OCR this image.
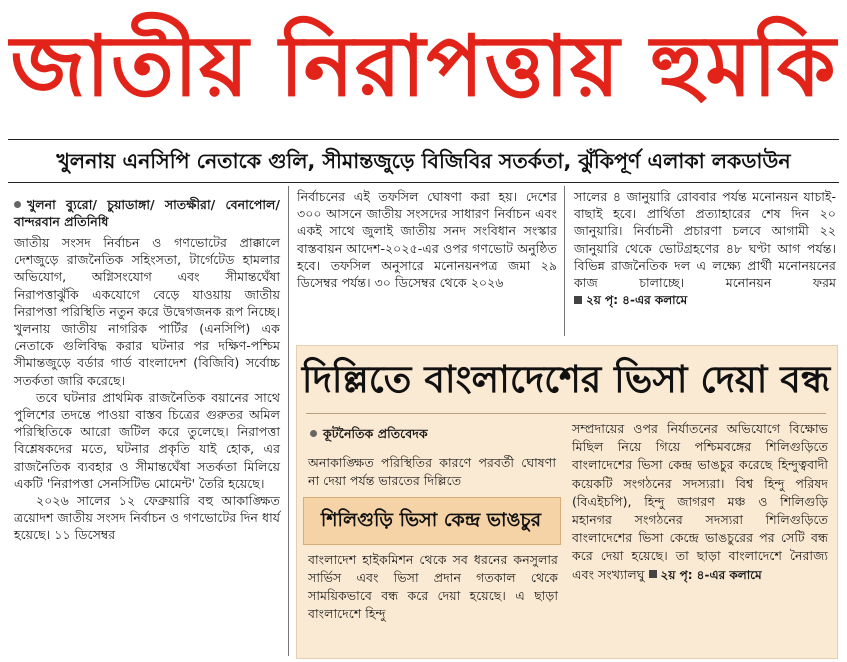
জাতীয় নিরাপত্তায় হুমকি
খুলনায় এনসিপি নেতাকে গুলি, সীমান্তজুড়ে বিজিবির সতর্কতা, ঝুঁকিপূর্ণ এলাকা লকডাউন
খুলনা ব্যুরো/ চুয়াডাঙ্গা/ সাতক্ষীরা/ বেনাপোল/ বান্দরবান প্রতিনিধি

জাতীয় সংসদ নির্বাচন ও গণভোটের প্রাক্কালে দেশজুড়ে রাজনৈতিক সহিংসতা, টার্গেটেড হামলার অভিযোগ, অগ্নিসংযোগ এবং সীমান্তঘেঁষা নিরাপত্তাঝুঁকি একযোগে বেড়ে যাওয়ায় জাতীয় নিরাপত্তা পরিস্থিতি নতুন করে উদ্বেগজনক রূপ নিচ্ছে। খুলনায় জাতীয় নাগরিক পার্টির (এনসিপি) এক নেতাকে গুলিবিদ্ধ করার ঘটনার পর দক্ষিণ-পশ্চিম সীমান্তজুড়ে বর্ডার গার্ড বাংলাদেশ (বিজিবি) সর্বোচ্চ সতর্কতা জারি করেছে।

তবে ঘটনার প্রাথমিক রাজনৈতিক বয়ানের সাথে পুলিশের তদন্তে পাওয়া বাস্তব চিত্রের গুরুতর অমিল পরিস্থিতিকে আরো জটিল করে তুলেছে। নিরাপত্তা বিশ্লেষকদের মতে, ঘটনার প্রকৃতি যাই হোক, এর রাজনৈতিক ব্যবহার ও সীমান্তঘেঁষা সতর্কতা মিলিয়ে একটি 'নিরাপত্তা সেনসিটিভ মোমেন্ট' তৈরি হয়েছে।

২০২৬ সালের ১২ ফেব্রুয়ারি বহু আকাঙ্ক্ষিত ত্রয়োদশ জাতীয় সংসদ নির্বাচন ও গণভোটের দিন ধার্য হয়েছে। ১১ ডিসেম্বর

নির্বাচনের এই তফসিল ঘোষণা করা হয়। দেশের ৩০০ আসনে জাতীয় সংসদের সাধারণ নির্বাচন এবং একই সাথে জুলাই জাতীয় সনদ সংবিধান সংস্কার বাস্তবায়ন আদেশ-২০২৫-এর ওপর গণভোট অনুষ্ঠিত হবে। তফসিল অনুসারে মনোনয়নপত্র জমা ২৯ ডিসেম্বর পর্যন্ত। ৩০ ডিসেম্বর থেকে ২০২৬

সালের ৪ জানুয়ারি রোববার পর্যন্ত মনোনয়ন যাচাই-বাছাই হবে। প্রার্থিতা প্রত্যাহারের শেষ দিন ২০ জানুয়ারি। নির্বাচনী প্রচারণা চলবে আগামী ২২ জানুয়ারি থেকে ভোটগ্রহণের ৪৮ ঘণ্টা আগ পর্যন্ত। বিভিন্ন রাজনৈতিক দল এ লক্ষ্যে প্রার্থী মনোনয়নের কাজ চালাচ্ছে। মনোনয়ন ফরম ২য় পৃ: ৪-এর কলামে

দিল্লিতে বাংলাদেশের ভিসা দেয়া বন্ধ
কূটনৈতিক প্রতিবেদক
অনাকাঙ্ক্ষিত পরিস্থিতির কারণে পরবর্তী ঘোষণা না দেয়া পর্যন্ত ভারতের দিল্লিতে
শিলিগুড়ি ভিসা কেন্দ্র ভাঙচুর

বাংলাদেশ হাইকমিশন থেকে সব ধরনের কনসুলার সার্ভিস এবং ভিসা প্রদান গতকাল থেকে সাময়িকভাবে বন্ধ করে দেয়া হয়েছে। এ ছাড়া বাংলাদেশে হিন্দু

সম্প্রদায়ের ওপর নির্যাতনের অভিযোগে বিক্ষোভ মিছিল নিয়ে গিয়ে পশ্চিমবঙ্গের শিলিগুড়িতে বাংলাদেশের ভিসা কেন্দ্র ভাঙচুর করেছে হিন্দুত্ববাদী কয়েকটি সংগঠনের সদস্যরা। বিশ্ব হিন্দু পরিষদ (বিএইচপি), হিন্দু জাগরণ মঞ্চ ও শিলিগুড়ি মহানগর সংগঠনের সদস্যরা শিলিগুড়িতে বাংলাদেশের ভিসা কেন্দ্রে ভাঙচুরের পর সেটি বন্ধ করে দেয়া হয়েছে। তা ছাড়া বাংলাদেশে নৈরাজ্য এবং সংখ্যালঘু ২য় পৃ: ৪-এর কলামে
